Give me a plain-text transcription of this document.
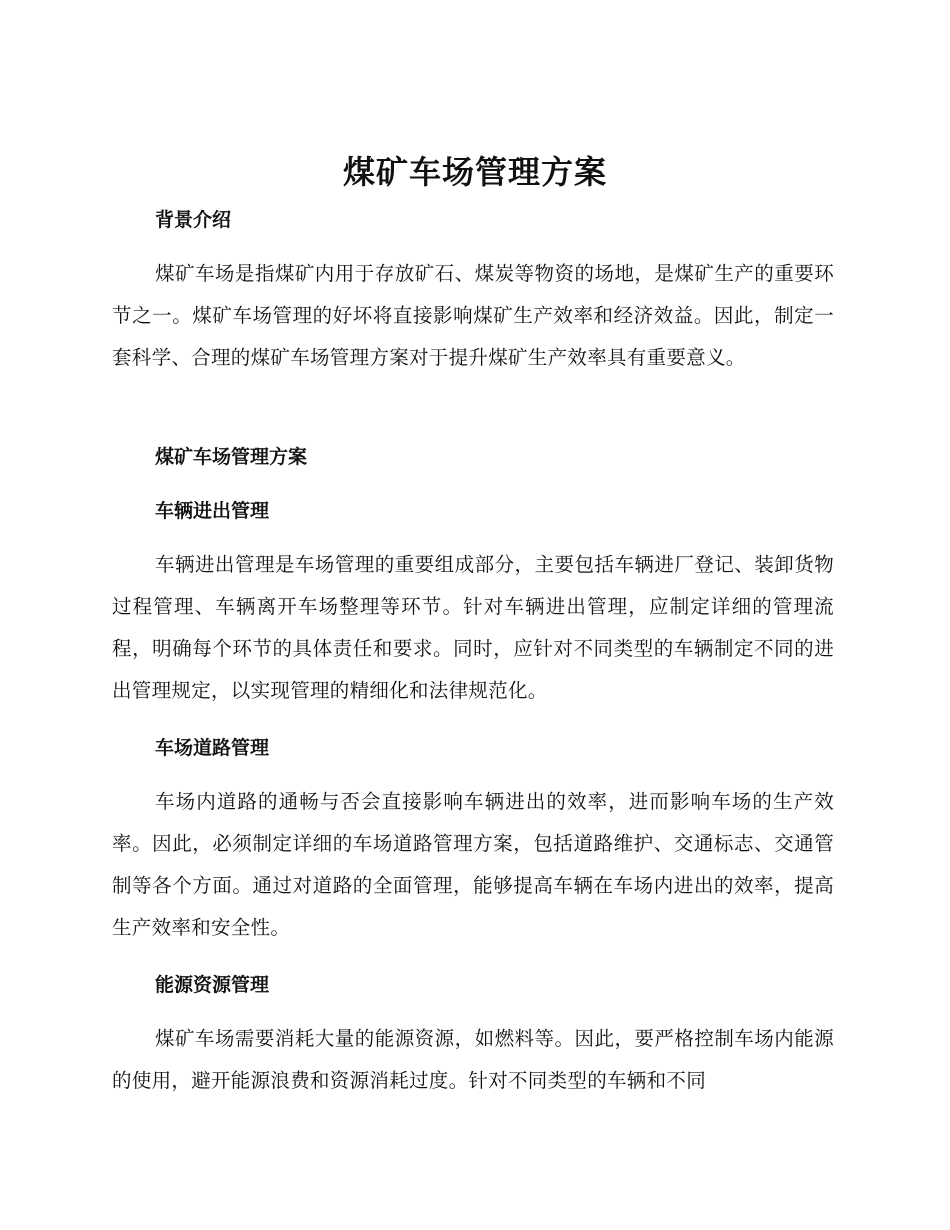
煤矿车场管理方案
背景介绍

煤矿车场是指煤矿内用于存放矿石、煤炭等物资的场地，是煤矿生产的重要环节之一。煤矿车场管理的好坏将直接影响煤矿生产效率和经济效益。因此，制定一套科学、合理的煤矿车场管理方案对于提升煤矿生产效率具有重要意义。

煤矿车场管理方案
车辆进出管理

车辆进出管理是车场管理的重要组成部分，主要包括车辆进厂登记、装卸货物过程管理、车辆离开车场整理等环节。针对车辆进出管理，应制定详细的管理流程，明确每个环节的具体责任和要求。同时，应针对不同类型的车辆制定不同的进出管理规定，以实现管理的精细化和法律规范化。

车场道路管理

车场内道路的通畅与否会直接影响车辆进出的效率，进而影响车场的生产效率。因此，必须制定详细的车场道路管理方案，包括道路维护、交通标志、交通管制等各个方面。通过对道路的全面管理，能够提高车辆在车场内进出的效率，提高生产效率和安全性。

能源资源管理

煤矿车场需要消耗大量的能源资源，如燃料等。因此，要严格控制车场内能源的使用，避开能源浪费和资源消耗过度。针对不同类型的车辆和不同
